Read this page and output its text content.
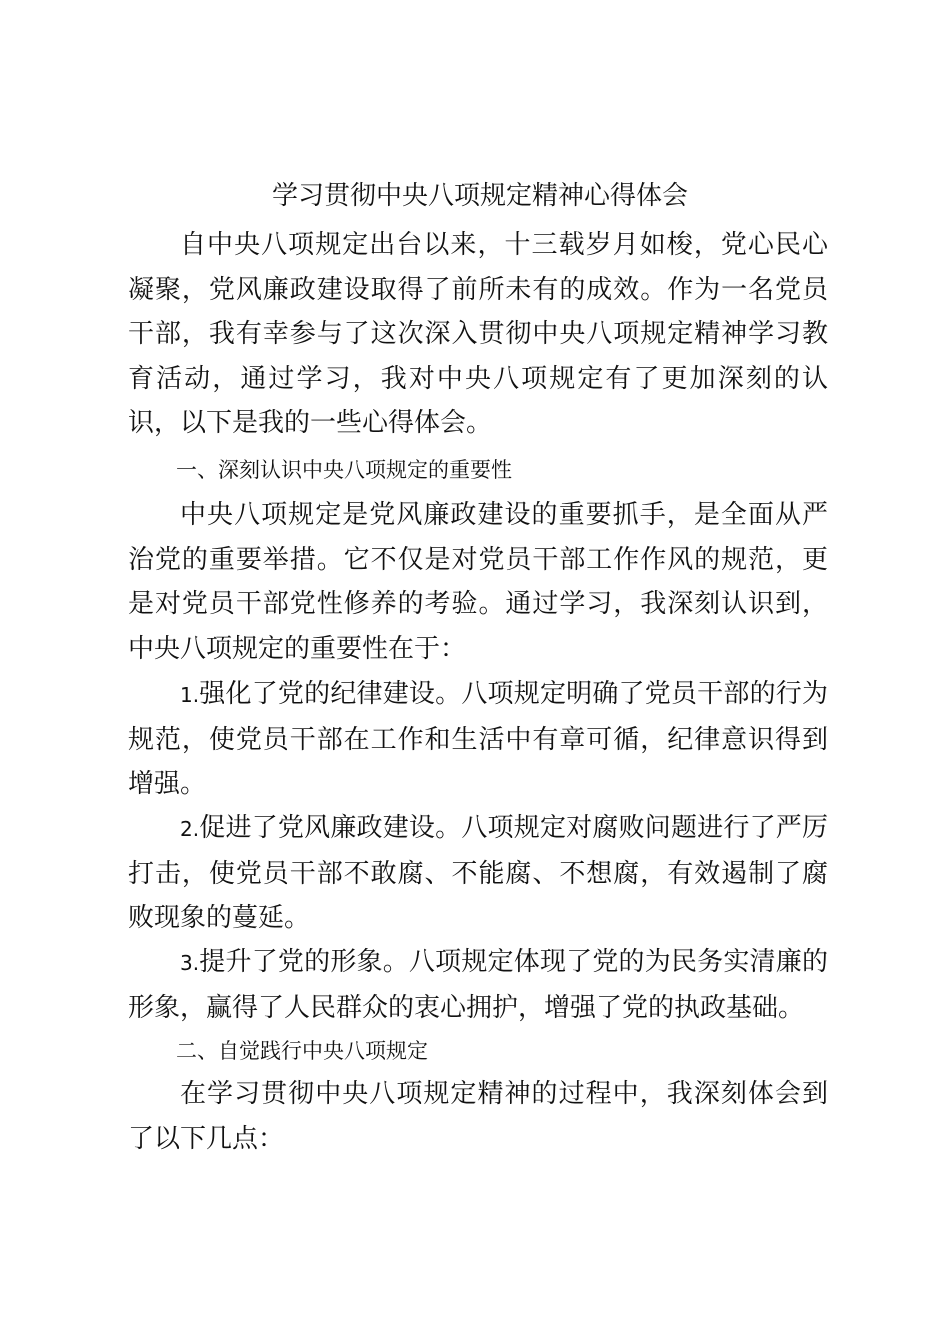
学习贯彻中央八项规定精神心得体会

自中央八项规定出台以来，十三载岁月如梭，党心民心凝聚，党风廉政建设取得了前所未有的成效。作为一名党员干部，我有幸参与了这次深入贯彻中央八项规定精神学习教育活动，通过学习，我对中央八项规定有了更加深刻的认识，以下是我的一些心得体会。

一、深刻认识中央八项规定的重要性

中央八项规定是党风廉政建设的重要抓手，是全面从严治党的重要举措。它不仅是对党员干部工作作风的规范，更是对党员干部党性修养的考验。通过学习，我深刻认识到，中央八项规定的重要性在于：

1.强化了党的纪律建设。八项规定明确了党员干部的行为规范，使党员干部在工作和生活中有章可循，纪律意识得到增强。

2.促进了党风廉政建设。八项规定对腐败问题进行了严厉打击，使党员干部不敢腐、不能腐、不想腐，有效遏制了腐败现象的蔓延。

3.提升了党的形象。八项规定体现了党的为民务实清廉的形象，赢得了人民群众的衷心拥护，增强了党的执政基础。

二、自觉践行中央八项规定

在学习贯彻中央八项规定精神的过程中，我深刻体会到了以下几点：
